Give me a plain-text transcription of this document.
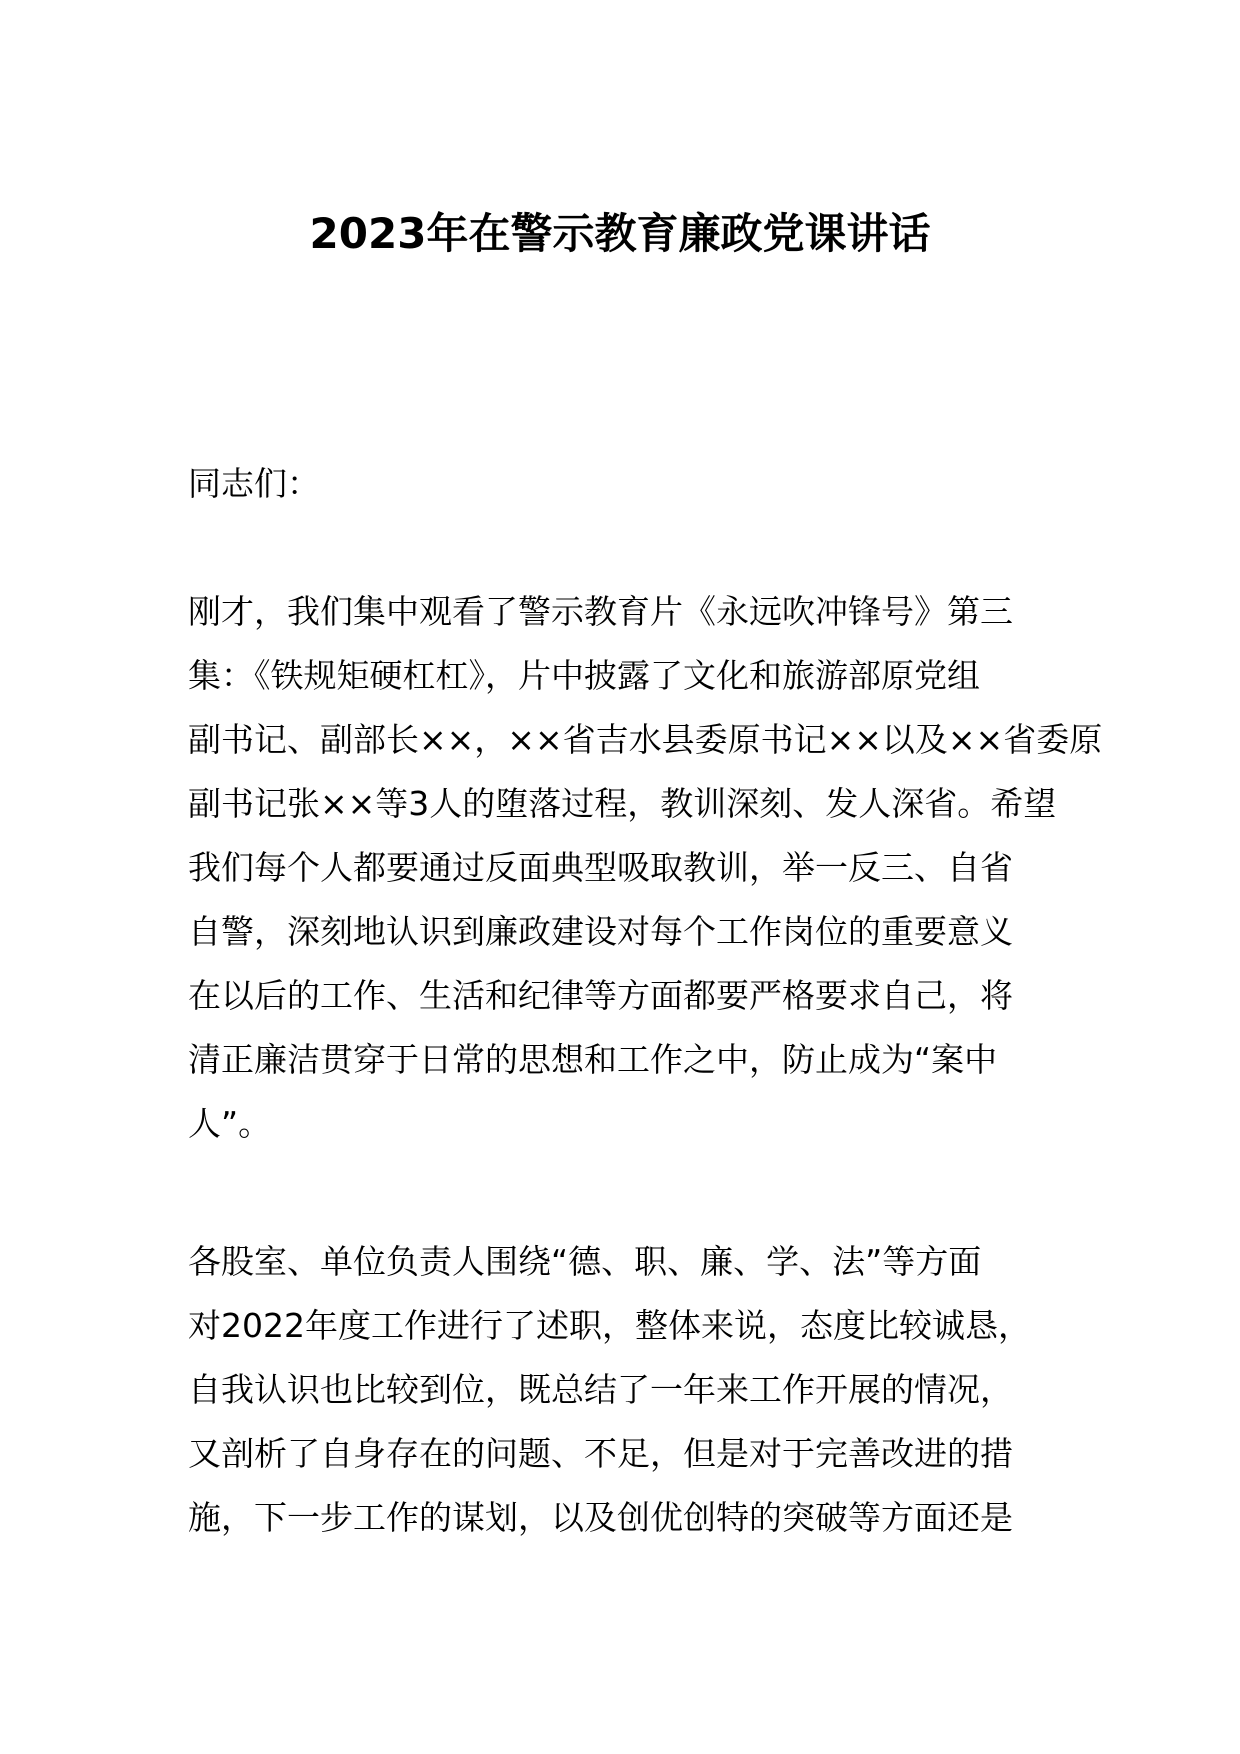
2023年在警示教育廉政党课讲话

同志们：

刚才，我们集中观看了警示教育片《永远吹冲锋号》第三
集：《铁规矩硬杠杠》，片中披露了文化和旅游部原党组
副书记、副部长××，××省吉水县委原书记××以及××省委原
副书记张××等3人的堕落过程，教训深刻、发人深省。希望
我们每个人都要通过反面典型吸取教训，举一反三、自省
自警，深刻地认识到廉政建设对每个工作岗位的重要意义
在以后的工作、生活和纪律等方面都要严格要求自己，将
清正廉洁贯穿于日常的思想和工作之中，防止成为“案中
人”。
各股室、单位负责人围绕“德、职、廉、学、法”等方面
对2022年度工作进行了述职，整体来说，态度比较诚恳，
自我认识也比较到位，既总结了一年来工作开展的情况，
又剖析了自身存在的问题、不足，但是对于完善改进的措
施，下一步工作的谋划，以及创优创特的突破等方面还是
